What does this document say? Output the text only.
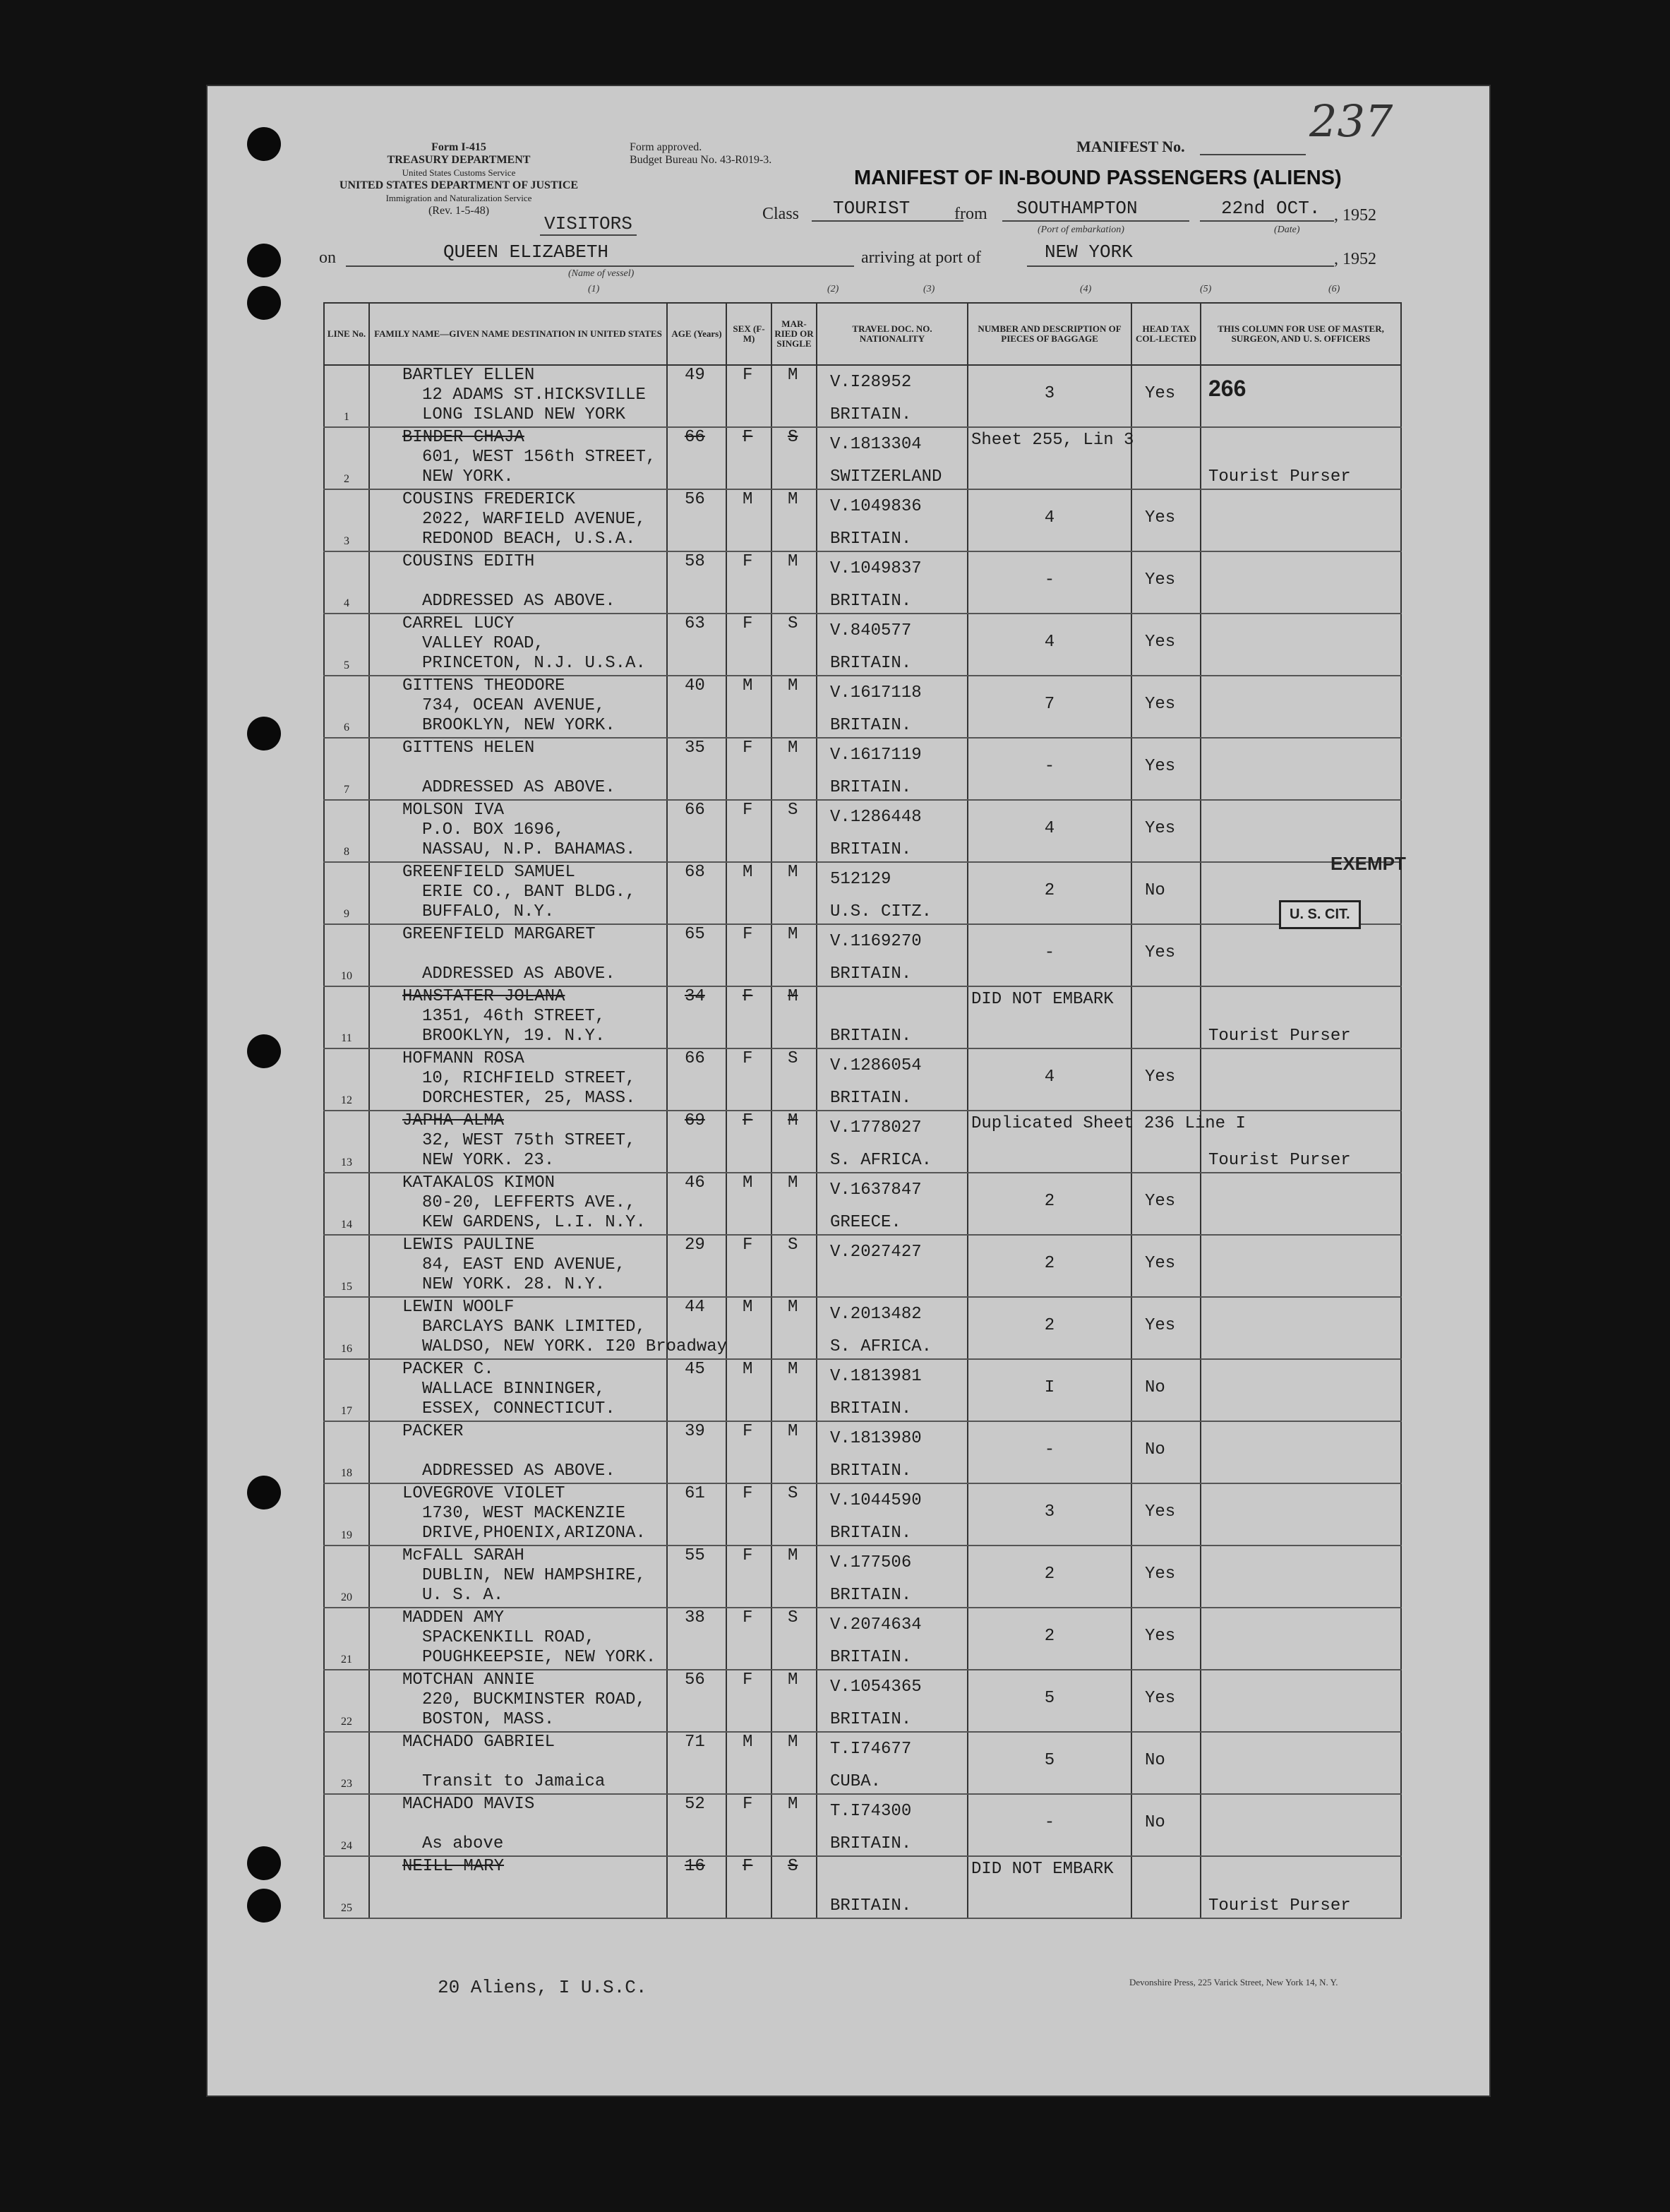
237
Form I-415
TREASURY DEPARTMENT
United States Customs Service
UNITED STATES DEPARTMENT OF JUSTICE
Immigration and Naturalization Service
(Rev. 1-5-48)
Form approved.
Budget Bureau No. 43-R019-3.
MANIFEST No.
MANIFEST OF IN-BOUND PASSENGERS (ALIENS)
VISITORS	Class TOURIST	from SOUTHAMPTON
(Port of embarkation)
22nd OCT. , 1952
(Date)
on	QUEEN ELIZABETH
(Name of vessel)
arriving at port of	NEW YORK	, 1952
(1)	(2)	(3)	(4)	(5)	(6)
LINE No.	FAMILY NAME—GIVEN NAME DESTINATION IN UNITED STATES	AGE (Years)	SEX (F-M)	MAR-RIED OR SINGLE	TRAVEL DOC. NO. NATIONALITY	NUMBER AND DESCRIPTION OF PIECES OF BAGGAGE	HEAD TAX COL-LECTED	THIS COLUMN FOR USE OF MASTER, SURGEON, AND U. S. OFFICERS

1	BARTLEY ELLEN
12 ADAMS ST.HICKSVILLE
LONG ISLAND NEW YORK	49	F	M	V.I28952
BRITAIN.	3	Yes	266

2	BINDER CHAJA
601, WEST 156th STREET,
NEW YORK.	66	F	S	V.1813304
SWITZERLAND	Sheet 255, Lin 3		Tourist Purser

3	COUSINS FREDERICK
2022, WARFIELD AVENUE,
REDONOD BEACH, U.S.A.	56	M	M	V.1049836
BRITAIN.	4	Yes	

4	COUSINS EDITH
ADDRESSED AS ABOVE.	58	F	M	V.1049837
BRITAIN.	-	Yes	

5	CARREL LUCY
VALLEY ROAD,
PRINCETON, N.J. U.S.A.	63	F	S	V.840577
BRITAIN.	4	Yes	

6	GITTENS THEODORE
734, OCEAN AVENUE,
BROOKLYN, NEW YORK.	40	M	M	V.1617118
BRITAIN.	7	Yes	

7	GITTENS HELEN
ADDRESSED AS ABOVE.	35	F	M	V.1617119
BRITAIN.	-	Yes	

8	MOLSON IVA
P.O. BOX 1696,
NASSAU, N.P. BAHAMAS.	66	F	S	V.1286448
BRITAIN.	4	Yes	

9	GREENFIELD SAMUEL
ERIE CO., BANT BLDG.,
BUFFALO, N.Y.	68	M	M	512129
U.S. CITZ.	2	No	

10	GREENFIELD MARGARET
ADDRESSED AS ABOVE.	65	F	M	V.1169270
BRITAIN.	-	Yes	

11	HANSTATER JOLANA
1351, 46th STREET,
BROOKLYN, 19. N.Y.	34	F	M	BRITAIN.	DID NOT EMBARK		Tourist Purser

12	HOFMANN ROSA
10, RICHFIELD STREET,
DORCHESTER, 25, MASS.	66	F	S	V.1286054
BRITAIN.	4	Yes	

13	JAPHA ALMA
32, WEST 75th STREET,
NEW YORK. 23.	69	F	M	V.1778027
S. AFRICA.	Duplicated Sheet 236 Line I		Tourist Purser

14	KATAKALOS KIMON
80-20, LEFFERTS AVE.,
KEW GARDENS, L.I. N.Y.	46	M	M	V.1637847
GREECE.	2	Yes	

15	LEWIS PAULINE
84, EAST END AVENUE,
NEW YORK. 28. N.Y.	29	F	S	V.2027427	2	Yes	

16	LEWIN WOOLF
BARCLAYS BANK LIMITED,
WALDSO, NEW YORK. I20 Broadway	44	M	M	V.2013482
S. AFRICA.	2	Yes	

17	PACKER C.
WALLACE BINNINGER,
ESSEX, CONNECTICUT.	45	M	M	V.1813981
BRITAIN.	I	No	

18	PACKER
ADDRESSED AS ABOVE.	39	F	M	V.1813980
BRITAIN.	-	No	

19	LOVEGROVE VIOLET
1730, WEST MACKENZIE
DRIVE,PHOENIX,ARIZONA.	61	F	S	V.1044590
BRITAIN.	3	Yes	

20	McFALL SARAH
DUBLIN, NEW HAMPSHIRE,
U. S. A.	55	F	M	V.177506
BRITAIN.	2	Yes	

21	MADDEN AMY
SPACKENKILL ROAD,
POUGHKEEPSIE, NEW YORK.	38	F	S	V.2074634
BRITAIN.	2	Yes	

22	MOTCHAN ANNIE
220, BUCKMINSTER ROAD,
BOSTON, MASS.	56	F	M	V.1054365
BRITAIN.	5	Yes	

23	MACHADO GABRIEL
Transit to Jamaica	71	M	M	T.I74677
CUBA.	5	No	

24	MACHADO MAVIS
As above	52	F	M	T.I74300
BRITAIN.	-	No	

25	NEILL MARY	16	F	S	BRITAIN.	DID NOT EMBARK		Tourist Purser
U. S. CIT.
EXEMPT
20 Aliens, I U.S.C.	Devonshire Press, 225 Varick Street, New York 14, N. Y.
